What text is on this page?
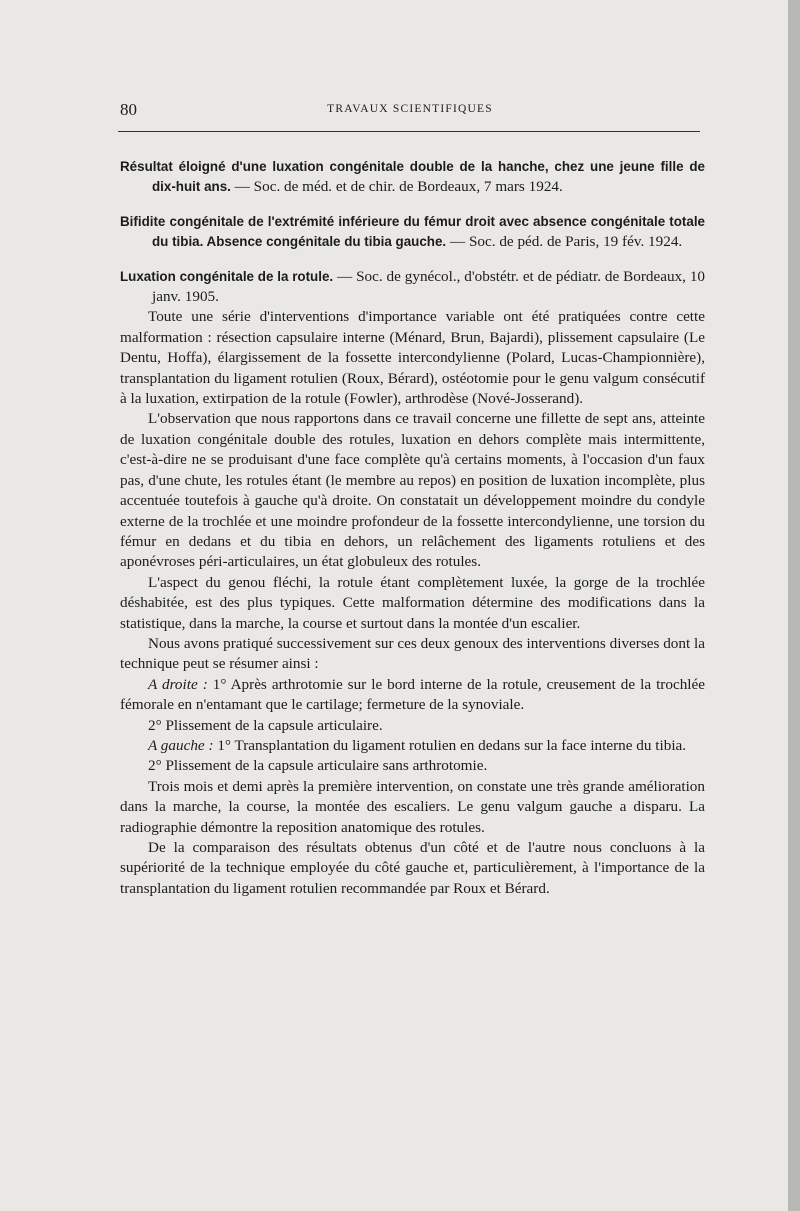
80	TRAVAUX SCIENTIFIQUES

Résultat éloigné d'une luxation congénitale double de la hanche, chez une jeune fille de dix-huit ans. — Soc. de méd. et de chir. de Bordeaux, 7 mars 1924.

Bifidite congénitale de l'extrémité inférieure du fémur droit avec absence congénitale totale du tibia. Absence congénitale du tibia gauche. — Soc. de péd. de Paris, 19 fév. 1924.

Luxation congénitale de la rotule. — Soc. de gynécol., d'obstétr. et de pédiatr. de Bordeaux, 10 janv. 1905.

Toute une série d'interventions d'importance variable ont été pratiquées contre cette malformation : résection capsulaire interne (Ménard, Brun, Bajardi), plissement capsulaire (Le Dentu, Hoffa), élargissement de la fossette intercondylienne (Polard, Lucas-Championnière), transplantation du ligament rotulien (Roux, Bérard), ostéotomie pour le genu valgum consécutif à la luxation, extirpation de la rotule (Fowler), arthrodèse (Nové-Josserand).

L'observation que nous rapportons dans ce travail concerne une fillette de sept ans, atteinte de luxation congénitale double des rotules, luxation en dehors complète mais intermittente, c'est-à-dire ne se produisant d'une face complète qu'à certains moments, à l'occasion d'un faux pas, d'une chute, les rotules étant (le membre au repos) en position de luxation incomplète, plus accentuée toutefois à gauche qu'à droite. On constatait un développement moindre du condyle externe de la trochlée et une moindre profondeur de la fossette intercondylienne, une torsion du fémur en dedans et du tibia en dehors, un relâchement des ligaments rotuliens et des aponévroses péri-articulaires, un état globuleux des rotules.

L'aspect du genou fléchi, la rotule étant complètement luxée, la gorge de la trochlée déshabitée, est des plus typiques. Cette malformation détermine des modifications dans la statistique, dans la marche, la course et surtout dans la montée d'un escalier.

Nous avons pratiqué successivement sur ces deux genoux des interventions diverses dont la technique peut se résumer ainsi :

A droite : 1° Après arthrotomie sur le bord interne de la rotule, creusement de la trochlée fémorale en n'entamant que le cartilage; fermeture de la synoviale.

2° Plissement de la capsule articulaire.

A gauche : 1° Transplantation du ligament rotulien en dedans sur la face interne du tibia.

2° Plissement de la capsule articulaire sans arthrotomie.

Trois mois et demi après la première intervention, on constate une très grande amélioration dans la marche, la course, la montée des escaliers. Le genu valgum gauche a disparu. La radiographie démontre la reposition anatomique des rotules.

De la comparaison des résultats obtenus d'un côté et de l'autre nous concluons à la supériorité de la technique employée du côté gauche et, particulièrement, à l'importance de la transplantation du ligament rotulien recommandée par Roux et Bérard.
